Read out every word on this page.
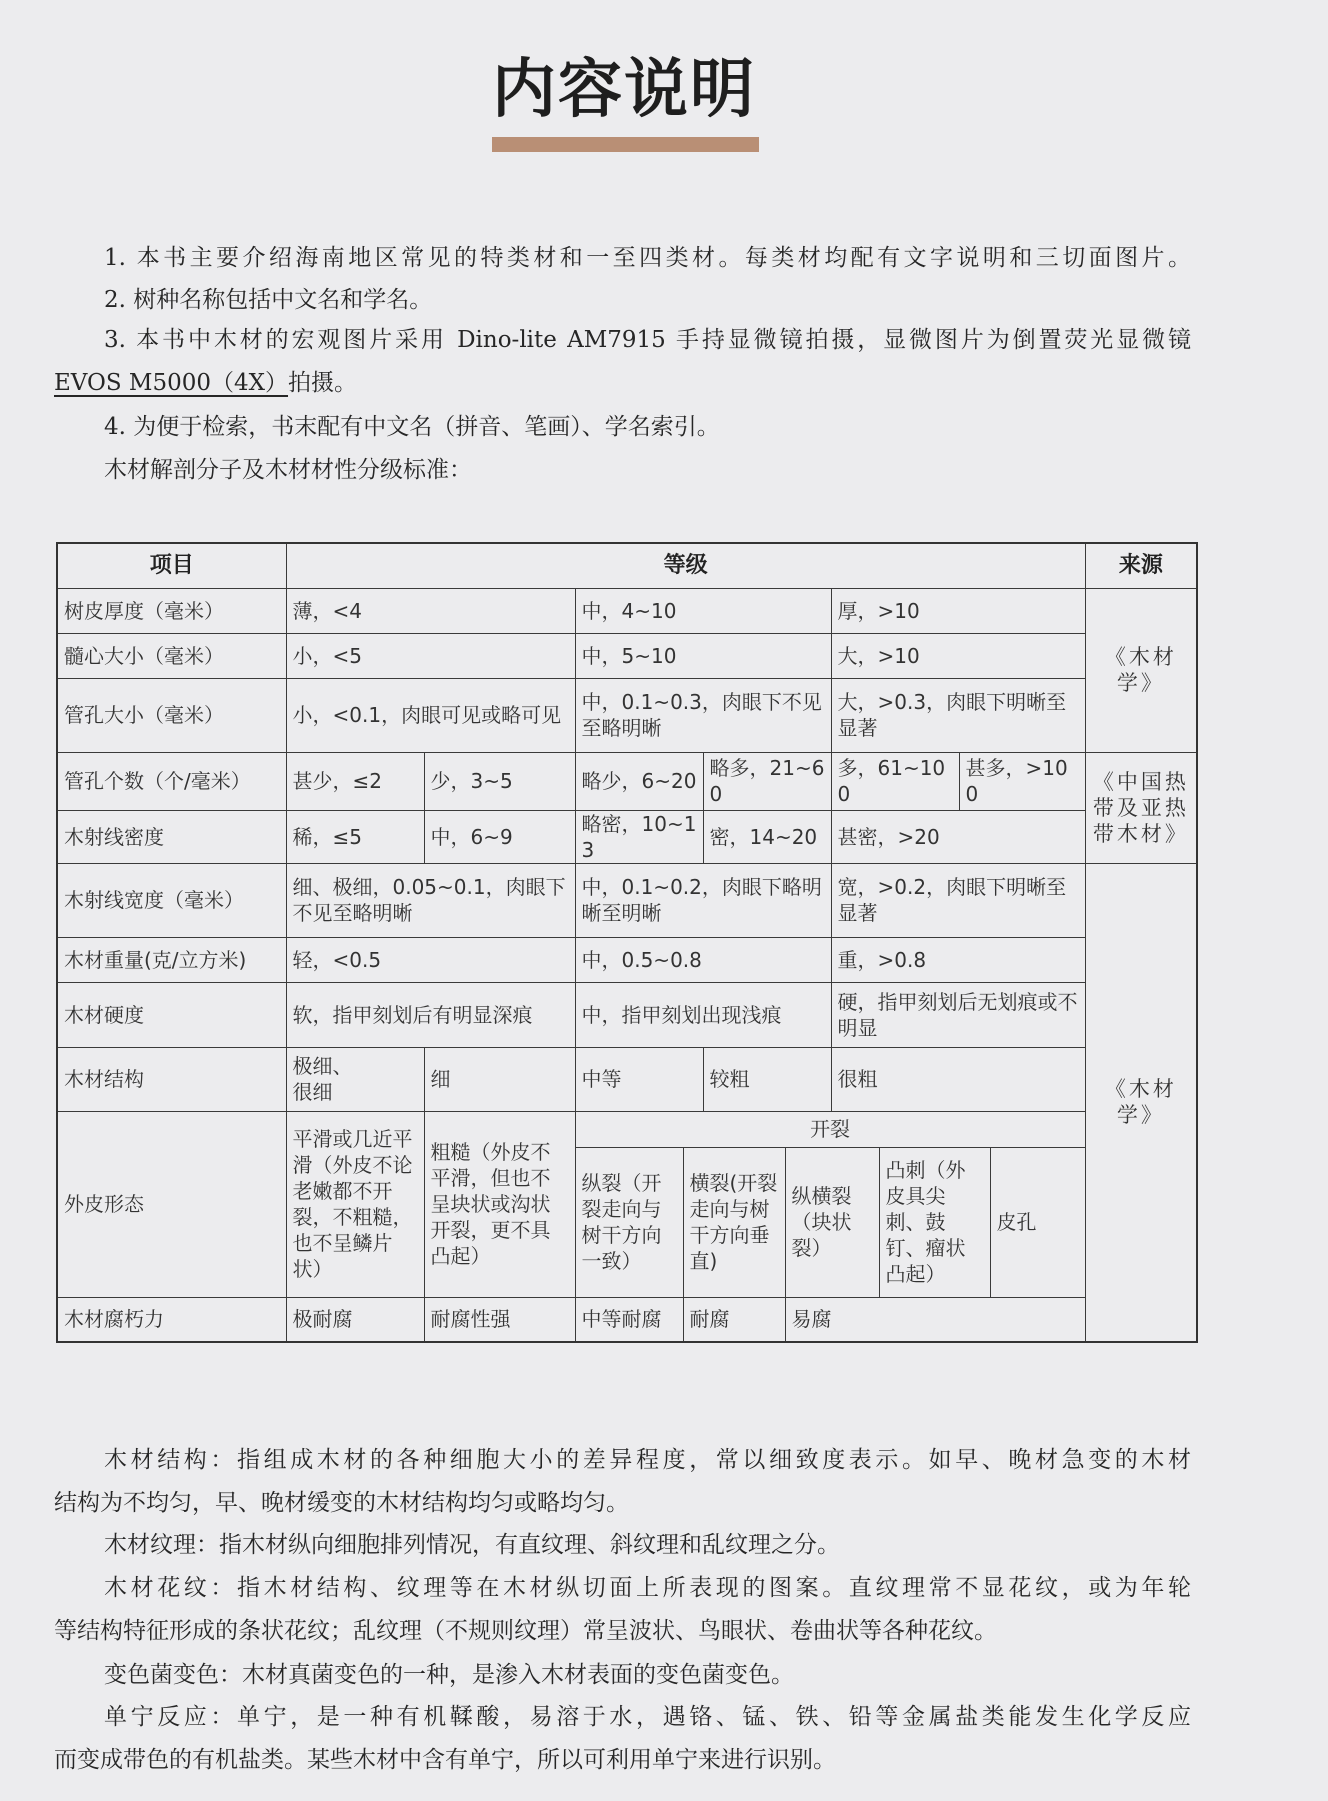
内容说明
1. 本书主要介绍海南地区常见的特类材和一至四类材。每类材均配有文字说明和三切面图片。
2. 树种名称包括中文名和学名。
3. 本书中木材的宏观图片采用 Dino-lite AM7915 手持显微镜拍摄，显微图片为倒置荧光显微镜
EVOS M5000（4X）拍摄。
4. 为便于检索，书末配有中文名（拼音、笔画）、学名索引。
木材解剖分子及木材材性分级标准：
项目	等级										来源
树皮厚度（毫米）	薄，<4		中，4~10				厚，>10				《木材学》
髓心大小（毫米）	小，<5		中，5~10				大，>10				
管孔大小（毫米）	小，<0.1，肉眼可见或略可见		中，0.1~0.3，肉眼下不见至略明晰				大，>0.3，肉眼下明晰至显著				
管孔个数（个/毫米）	甚少，≤2	少，3~5	略少，6~20		略多，21~60		多，61~100		甚多，>100		《中国热带及亚热带木材》
木射线密度	稀，≤5	中，6~9	略密，10~13		密，14~20		甚密，>20				
木射线宽度（毫米）	细、极细，0.05~0.1，肉眼下不见至略明晰		中，0.1~0.2，肉眼下略明晰至明晰				宽，>0.2，肉眼下明晰至显著				《木材学》
木材重量(克/立方米)	轻，<0.5		中，0.5~0.8				重，>0.8				
木材硬度	软，指甲刻划后有明显深痕		中，指甲刻划出现浅痕				硬，指甲刻划后无划痕或不明显				
木材结构	极细、
很细	细	中等		较粗		很粗				
外皮形态	平滑或几近平滑（外皮不论老嫩都不开裂，不粗糙，也不呈鳞片状）	粗糙（外皮不平滑，但也不呈块状或沟状开裂，更不具凸起）	开裂								
			纵裂（开裂走向与树干方向一致）	横裂(开裂走向与树干方向垂直)		纵横裂（块状裂）		凸刺（外皮具尖刺、鼓钉、瘤状凸起）		皮孔	
木材腐朽力	极耐腐	耐腐性强	中等耐腐	耐腐		易腐					
木材结构：指组成木材的各种细胞大小的差异程度，常以细致度表示。如早、晚材急变的木材
结构为不均匀，早、晚材缓变的木材结构均匀或略均匀。
木材纹理：指木材纵向细胞排列情况，有直纹理、斜纹理和乱纹理之分。
木材花纹：指木材结构、纹理等在木材纵切面上所表现的图案。直纹理常不显花纹，或为年轮
等结构特征形成的条状花纹；乱纹理（不规则纹理）常呈波状、鸟眼状、卷曲状等各种花纹。
变色菌变色：木材真菌变色的一种，是渗入木材表面的变色菌变色。
单宁反应：单宁，是一种有机鞣酸，易溶于水，遇铬、锰、铁、铅等金属盐类能发生化学反应
而变成带色的有机盐类。某些木材中含有单宁，所以可利用单宁来进行识别。
